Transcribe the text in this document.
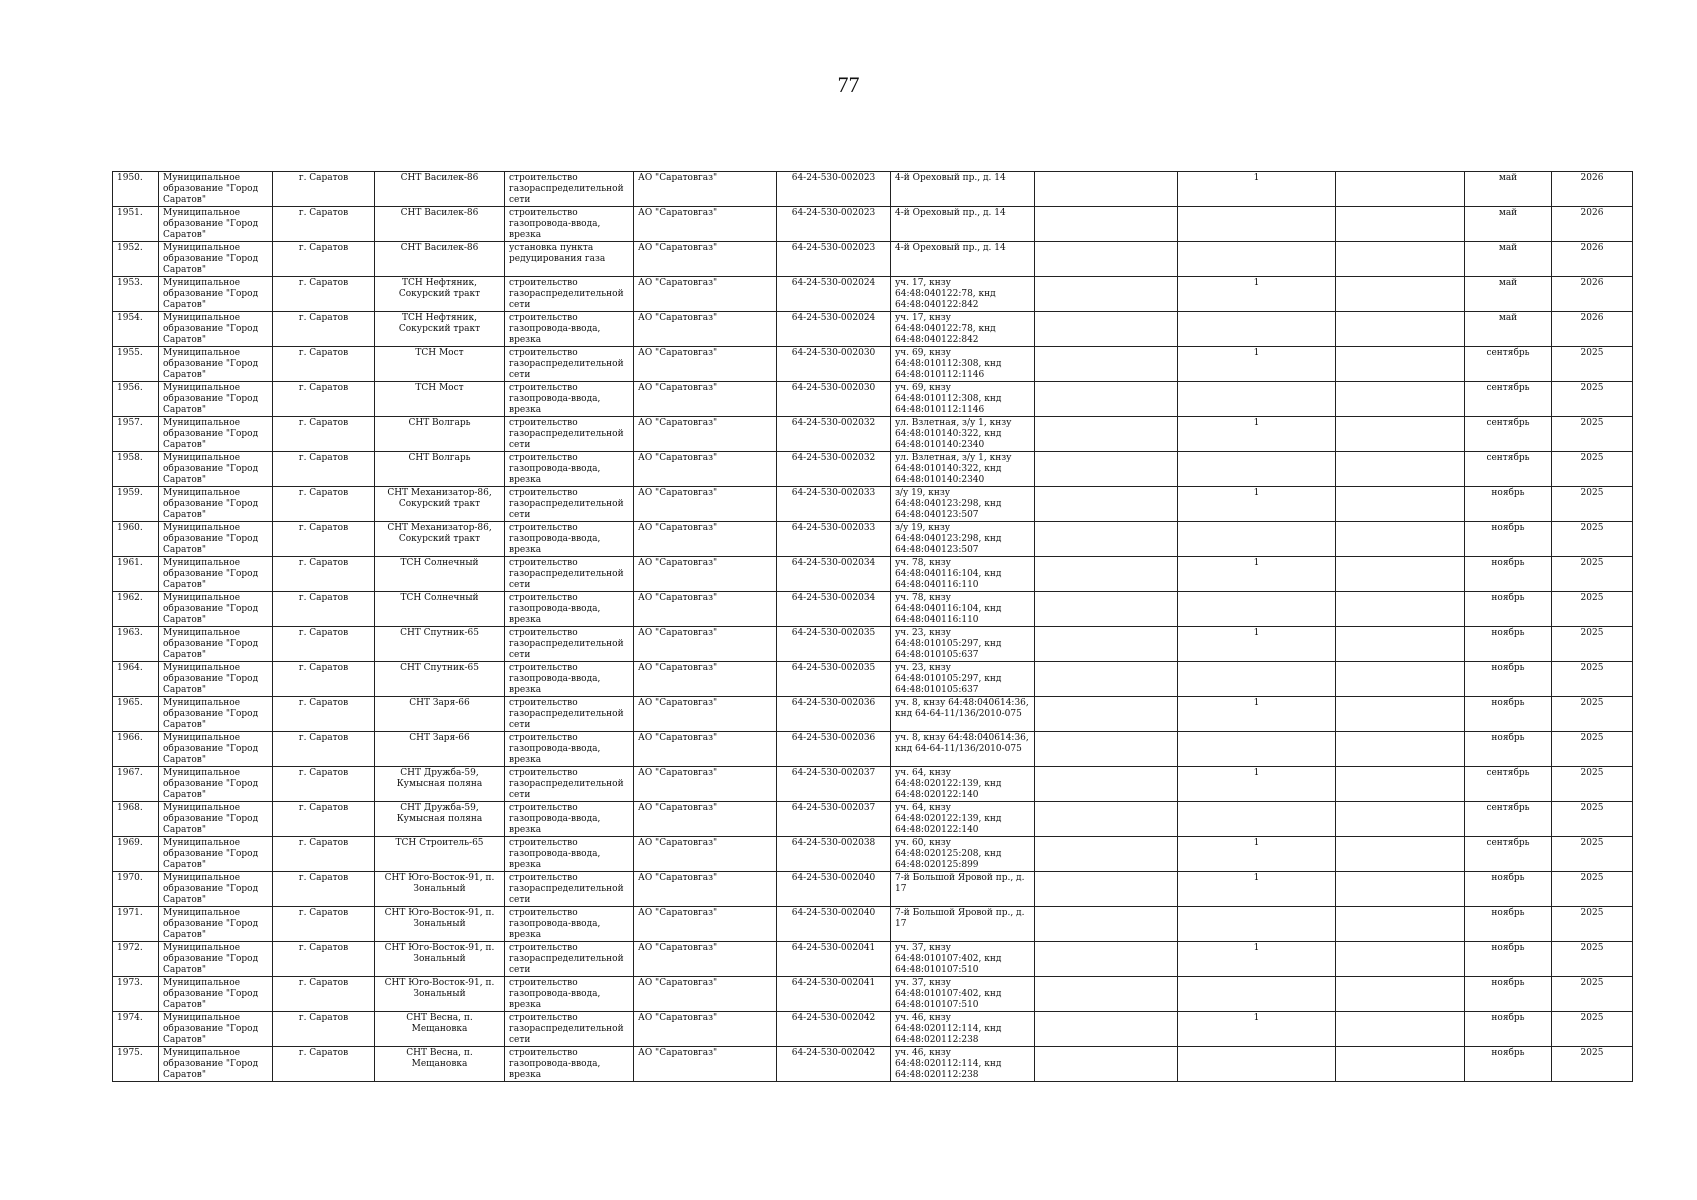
77
1950.	Муниципальное образование "Город Саратов"	г. Саратов	СНТ Василек-86	строительство газораспределительной сети	АО "Саратовгаз"	64-24-530-002023	4-й Ореховый пр., д. 14		1		май	2026
1951.	Муниципальное образование "Город Саратов"	г. Саратов	СНТ Василек-86	строительство газопровода-ввода, врезка	АО "Саратовгаз"	64-24-530-002023	4-й Ореховый пр., д. 14				май	2026
1952.	Муниципальное образование "Город Саратов"	г. Саратов	СНТ Василек-86	установка пункта редуцирования газа	АО "Саратовгаз"	64-24-530-002023	4-й Ореховый пр., д. 14				май	2026
1953.	Муниципальное образование "Город Саратов"	г. Саратов	ТСН Нефтяник, Сокурский тракт	строительство газораспределительной сети	АО "Саратовгаз"	64-24-530-002024	уч. 17, кнзу 64:48:040122:78, кнд 64:48:040122:842		1		май	2026
1954.	Муниципальное образование "Город Саратов"	г. Саратов	ТСН Нефтяник, Сокурский тракт	строительство газопровода-ввода, врезка	АО "Саратовгаз"	64-24-530-002024	уч. 17, кнзу 64:48:040122:78, кнд 64:48:040122:842				май	2026
1955.	Муниципальное образование "Город Саратов"	г. Саратов	ТСН Мост	строительство газораспределительной сети	АО "Саратовгаз"	64-24-530-002030	уч. 69, кнзу 64:48:010112:308, кнд 64:48:010112:1146		1		сентябрь	2025
1956.	Муниципальное образование "Город Саратов"	г. Саратов	ТСН Мост	строительство газопровода-ввода, врезка	АО "Саратовгаз"	64-24-530-002030	уч. 69, кнзу 64:48:010112:308, кнд 64:48:010112:1146				сентябрь	2025
1957.	Муниципальное образование "Город Саратов"	г. Саратов	СНТ Волгарь	строительство газораспределительной сети	АО "Саратовгаз"	64-24-530-002032	ул. Взлетная, з/у 1, кнзу 64:48:010140:322, кнд 64:48:010140:2340		1		сентябрь	2025
1958.	Муниципальное образование "Город Саратов"	г. Саратов	СНТ Волгарь	строительство газопровода-ввода, врезка	АО "Саратовгаз"	64-24-530-002032	ул. Взлетная, з/у 1, кнзу 64:48:010140:322, кнд 64:48:010140:2340				сентябрь	2025
1959.	Муниципальное образование "Город Саратов"	г. Саратов	СНТ Механизатор-86, Сокурский тракт	строительство газораспределительной сети	АО "Саратовгаз"	64-24-530-002033	з/у 19, кнзу 64:48:040123:298, кнд 64:48:040123:507		1		ноябрь	2025
1960.	Муниципальное образование "Город Саратов"	г. Саратов	СНТ Механизатор-86, Сокурский тракт	строительство газопровода-ввода, врезка	АО "Саратовгаз"	64-24-530-002033	з/у 19, кнзу 64:48:040123:298, кнд 64:48:040123:507				ноябрь	2025
1961.	Муниципальное образование "Город Саратов"	г. Саратов	ТСН Солнечный	строительство газораспределительной сети	АО "Саратовгаз"	64-24-530-002034	уч. 78, кнзу 64:48:040116:104, кнд 64:48:040116:110		1		ноябрь	2025
1962.	Муниципальное образование "Город Саратов"	г. Саратов	ТСН Солнечный	строительство газопровода-ввода, врезка	АО "Саратовгаз"	64-24-530-002034	уч. 78, кнзу 64:48:040116:104, кнд 64:48:040116:110				ноябрь	2025
1963.	Муниципальное образование "Город Саратов"	г. Саратов	СНТ Спутник-65	строительство газораспределительной сети	АО "Саратовгаз"	64-24-530-002035	уч. 23, кнзу 64:48:010105:297, кнд 64:48:010105:637		1		ноябрь	2025
1964.	Муниципальное образование "Город Саратов"	г. Саратов	СНТ Спутник-65	строительство газопровода-ввода, врезка	АО "Саратовгаз"	64-24-530-002035	уч. 23, кнзу 64:48:010105:297, кнд 64:48:010105:637				ноябрь	2025
1965.	Муниципальное образование "Город Саратов"	г. Саратов	СНТ Заря-66	строительство газораспределительной сети	АО "Саратовгаз"	64-24-530-002036	уч. 8, кнзу 64:48:040614:36, кнд 64-64-11/136/2010-075		1		ноябрь	2025
1966.	Муниципальное образование "Город Саратов"	г. Саратов	СНТ Заря-66	строительство газопровода-ввода, врезка	АО "Саратовгаз"	64-24-530-002036	уч. 8, кнзу 64:48:040614:36, кнд 64-64-11/136/2010-075				ноябрь	2025
1967.	Муниципальное образование "Город Саратов"	г. Саратов	СНТ Дружба-59, Кумысная поляна	строительство газораспределительной сети	АО "Саратовгаз"	64-24-530-002037	уч. 64, кнзу 64:48:020122:139, кнд 64:48:020122:140		1		сентябрь	2025
1968.	Муниципальное образование "Город Саратов"	г. Саратов	СНТ Дружба-59, Кумысная поляна	строительство газопровода-ввода, врезка	АО "Саратовгаз"	64-24-530-002037	уч. 64, кнзу 64:48:020122:139, кнд 64:48:020122:140				сентябрь	2025
1969.	Муниципальное образование "Город Саратов"	г. Саратов	ТСН Строитель-65	строительство газопровода-ввода, врезка	АО "Саратовгаз"	64-24-530-002038	уч. 60, кнзу 64:48:020125:208, кнд 64:48:020125:899		1		сентябрь	2025
1970.	Муниципальное образование "Город Саратов"	г. Саратов	СНТ Юго-Восток-91, п. Зональный	строительство газораспределительной сети	АО "Саратовгаз"	64-24-530-002040	7-й Большой Яровой пр., д. 17		1		ноябрь	2025
1971.	Муниципальное образование "Город Саратов"	г. Саратов	СНТ Юго-Восток-91, п. Зональный	строительство газопровода-ввода, врезка	АО "Саратовгаз"	64-24-530-002040	7-й Большой Яровой пр., д. 17				ноябрь	2025
1972.	Муниципальное образование "Город Саратов"	г. Саратов	СНТ Юго-Восток-91, п. Зональный	строительство газораспределительной сети	АО "Саратовгаз"	64-24-530-002041	уч. 37, кнзу 64:48:010107:402, кнд 64:48:010107:510		1		ноябрь	2025
1973.	Муниципальное образование "Город Саратов"	г. Саратов	СНТ Юго-Восток-91, п. Зональный	строительство газопровода-ввода, врезка	АО "Саратовгаз"	64-24-530-002041	уч. 37, кнзу 64:48:010107:402, кнд 64:48:010107:510				ноябрь	2025
1974.	Муниципальное образование "Город Саратов"	г. Саратов	СНТ Весна, п. Мещановка	строительство газораспределительной сети	АО "Саратовгаз"	64-24-530-002042	уч. 46, кнзу 64:48:020112:114, кнд 64:48:020112:238		1		ноябрь	2025
1975.	Муниципальное образование "Город Саратов"	г. Саратов	СНТ Весна, п. Мещановка	строительство газопровода-ввода, врезка	АО "Саратовгаз"	64-24-530-002042	уч. 46, кнзу 64:48:020112:114, кнд 64:48:020112:238				ноябрь	2025
